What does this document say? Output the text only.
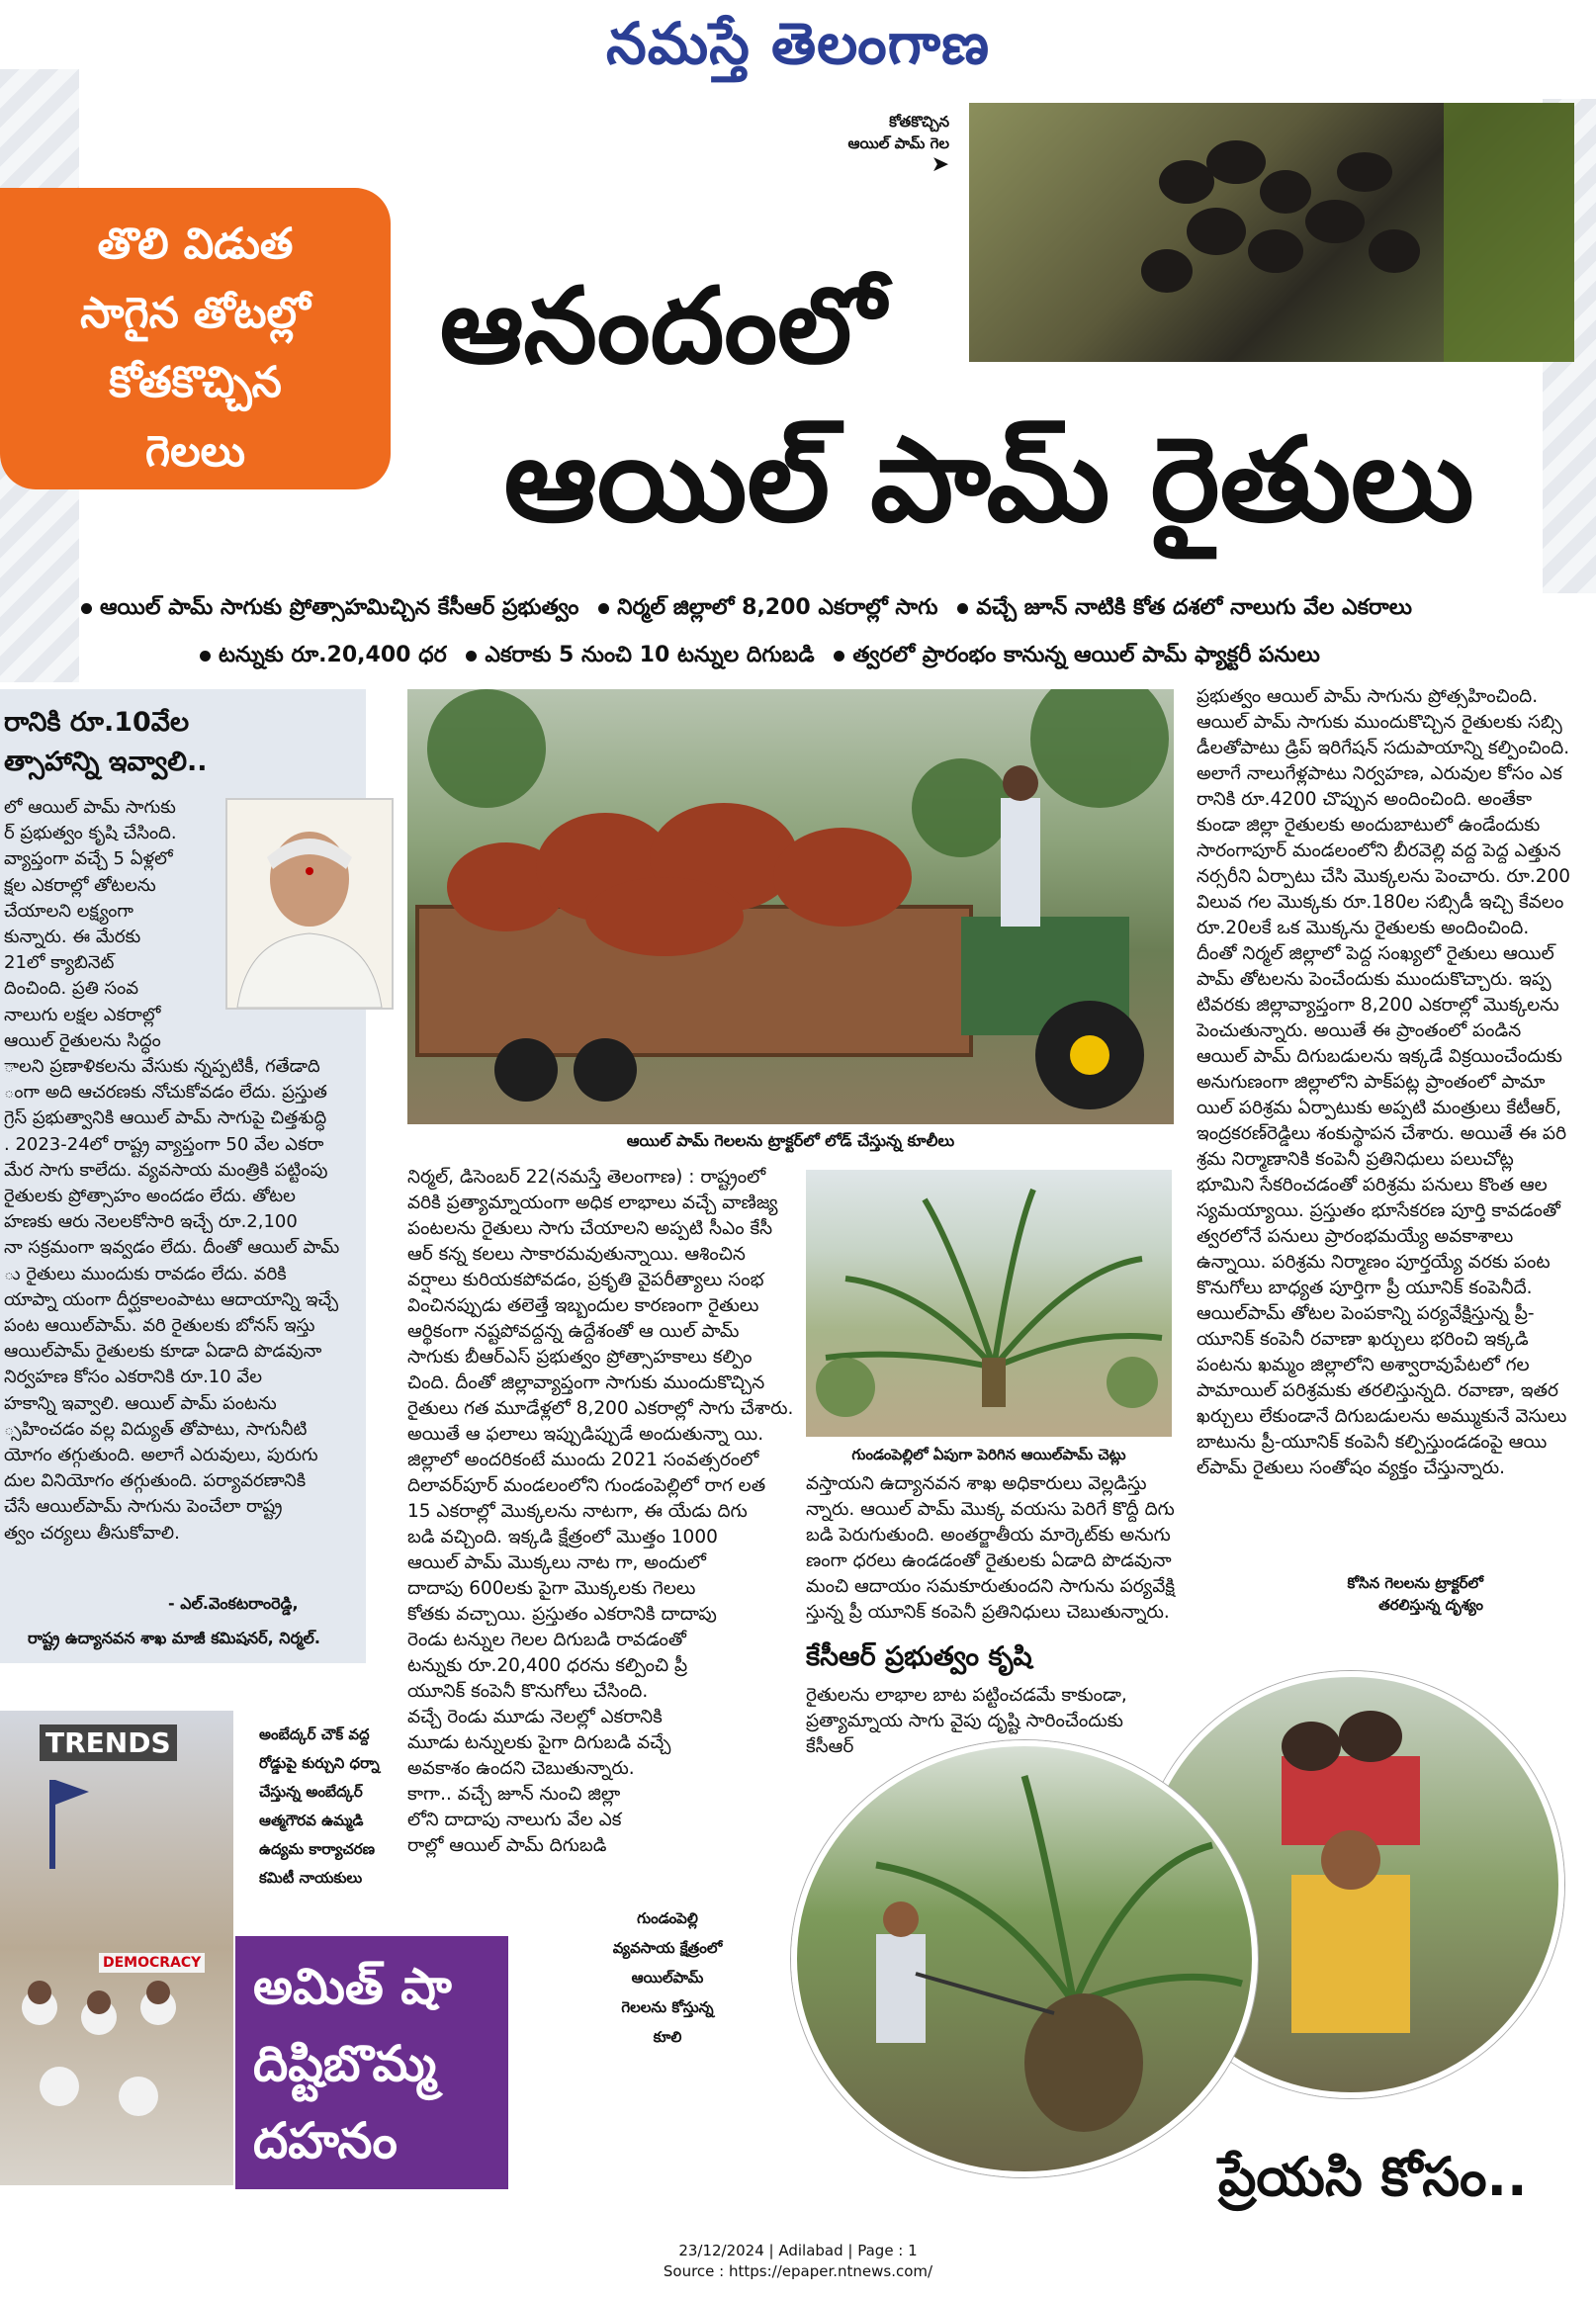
నమస్తే తెలంగాణ
కోతకొచ్చిన
ఆయిల్ పామ్ గెల
➤
తొలి విడుత
సాగైన తోటల్లో
కోతకొచ్చిన
గెలలు
ఆనందంలో
ఆయిల్ పామ్ రైతులు
ఆయిల్ పామ్ సాగుకు ప్రోత్సాహమిచ్చిన కేసీఆర్ ప్రభుత్వం నిర్మల్ జిల్లాలో 8,200 ఎకరాల్లో సాగు వచ్చే జూన్ నాటికి కోత దశలో నాలుగు వేల ఎకరాలు
టన్నుకు రూ.20,400 ధర ఎకరాకు 5 నుంచి 10 టన్నుల దిగుబడి త్వరలో ప్రారంభం కానున్న ఆయిల్ పామ్ ఫ్యాక్టరీ పనులు
రానికి రూ.10వేల
త్సాహాన్ని ఇవ్వాలి..
లో ఆయిల్ పామ్ సాగుకు
ర్ ప్రభుత్వం కృషి చేసింది.
వ్యాప్తంగా వచ్చే 5 ఏళ్లలో
క్షల ఎకరాల్లో తోటలను
చేయాలని లక్ష్యంగా
కున్నారు. ఈ మేరకు
21లో క్యాబినెట్
దించింది. ప్రతి సంవ
నాలుగు లక్షల ఎకరాల్లో
ఆయిల్ రైతులను సిద్ధం
ాలని ప్రణాళికలను వేసుకు న్నప్పటికీ, గతేడాది
ంగా అది ఆచరణకు నోచుకోవడం లేదు. ప్రస్తుత
గ్రెస్ ప్రభుత్వానికి ఆయిల్ పామ్ సాగుపై చిత్తశుద్ధి
. 2023-24లో రాష్ట్ర వ్యాప్తంగా 50 వేల ఎకరా
మేర సాగు కాలేదు. వ్యవసాయ మంత్రికి పట్టింపు
రైతులకు ప్రోత్సాహం అందడం లేదు. తోటల
హణకు ఆరు నెలలకోసారి ఇచ్చే రూ.2,100
నా సక్రమంగా ఇవ్వడం లేదు. దీంతో ఆయిల్ పామ్
ు రైతులు ముందుకు రావడం లేదు. వరికి
యాప్నా యంగా దీర్ఘకాలంపాటు ఆదాయాన్ని ఇచ్చే
పంట ఆయిల్‌పామ్. వరి రైతులకు బోనస్ ఇస్తు
ఆయిల్‌పామ్ రైతులకు కూడా ఏడాది పొడవునా
నిర్వహణ కోసం ఎకరానికి రూ.10 వేల
హకాన్ని ఇవ్వాలి. ఆయిల్ పామ్ పంటను
్సహించడం వల్ల విద్యుత్ తోపాటు, సాగునీటి
యోగం తగ్గుతుంది. అలాగే ఎరువులు, పురుగు
దుల వినియోగం తగ్గుతుంది. పర్యావరణానికి
చేసే ఆయిల్‌పామ్ సాగును పెంచేలా రాష్ట్ర
త్వం చర్యలు తీసుకోవాలి.
- ఎల్.వెంకటరాంరెడ్డి,
రాష్ట్ర ఉద్యానవన శాఖ మాజీ కమిషనర్, నిర్మల్.
ఆయిల్ పామ్ గెలలను ట్రాక్టర్‌లో లోడ్ చేస్తున్న కూలీలు
నిర్మల్, డిసెంబర్ 22(నమస్తే తెలంగాణ) : రాష్ట్రంలో
వరికి ప్రత్యామ్నాయంగా అధిక లాభాలు వచ్చే వాణిజ్య
పంటలను రైతులు సాగు చేయాలని అప్పటి సీఎం కేసీ
ఆర్ కన్న కలలు సాకారమవుతున్నాయి. ఆశించిన
వర్షాలు కురియకపోవడం, ప్రకృతి వైపరీత్యాలు సంభ
వించినప్పుడు తలెత్తే ఇబ్బందుల కారణంగా రైతులు
ఆర్థికంగా నష్టపోవద్దన్న ఉద్దేశంతో ఆ యిల్ పామ్
సాగుకు బీఆర్‌ఎస్ ప్రభుత్వం ప్రోత్సాహకాలు కల్పిం
చింది. దీంతో జిల్లావ్యాప్తంగా సాగుకు ముందుకొచ్చిన
రైతులు గత మూడేళ్లలో 8,200 ఎకరాల్లో సాగు చేశారు.
అయితే ఆ ఫలాలు ఇప్పుడిప్పుడే అందుతున్నా యి.
జిల్లాలో అందరికంటే ముందు 2021 సంవత్సరంలో
దిలావర్‌పూర్ మండలంలోని గుండంపెల్లిలో రాగ లత
15 ఎకరాల్లో మొక్కలను నాటగా, ఈ యేడు దిగు
బడి వచ్చింది. ఇక్కడి క్షేత్రంలో మొత్తం 1000
ఆయిల్ పామ్ మొక్కలు నాట గా, అందులో
దాదాపు 600లకు పైగా మొక్కలకు గెలలు
కోతకు వచ్చాయి. ప్రస్తుతం ఎకరానికి దాదాపు
రెండు టన్నుల గెలల దిగుబడి రావడంతో
టన్నుకు రూ.20,400 ధరను కల్పించి ప్రీ
యూనిక్ కంపెనీ కొనుగోలు చేసింది.
వచ్చే రెండు మూడు నెలల్లో ఎకరానికి
మూడు టన్నులకు పైగా దిగుబడి వచ్చే
అవకాశం ఉందని చెబుతున్నారు.
కాగా.. వచ్చే జూన్ నుంచి జిల్లా
లోని దాదాపు నాలుగు వేల ఎక
రాల్లో ఆయిల్ పామ్ దిగుబడి
గుండంపెల్లిలో ఏపుగా పెరిగిన ఆయిల్‌పామ్ చెట్లు
వస్తాయని ఉద్యానవన శాఖ అధికారులు వెల్లడిస్తు
న్నారు. ఆయిల్ పామ్ మొక్క వయసు పెరిగే కొద్దీ దిగు
బడి పెరుగుతుంది. అంతర్జాతీయ మార్కెట్‌కు అనుగు
ణంగా ధరలు ఉండడంతో రైతులకు ఏడాది పొడవునా
మంచి ఆదాయం సమకూరుతుందని సాగును పర్యవేక్షి
స్తున్న ప్రీ యూనిక్ కంపెనీ ప్రతినిధులు చెబుతున్నారు.
ప్రభుత్వం ఆయిల్ పామ్ సాగును ప్రోత్సహించింది.
ఆయిల్ పామ్ సాగుకు ముందుకొచ్చిన రైతులకు సబ్సి
డీలతోపాటు డ్రిప్ ఇరిగేషన్ సదుపాయాన్ని కల్పించింది.
అలాగే నాలుగేళ్లపాటు నిర్వహణ, ఎరువుల కోసం ఎక
రానికి రూ.4200 చొప్పున అందించింది. అంతేకా
కుండా జిల్లా రైతులకు అందుబాటులో ఉండేందుకు
సారంగాపూర్ మండలంలోని బీరవెల్లి వద్ద పెద్ద ఎత్తున
నర్సరీని ఏర్పాటు చేసి మొక్కలను పెంచారు. రూ.200
విలువ గల మొక్కకు రూ.180ల సబ్సిడీ ఇచ్చి కేవలం
రూ.20లకే ఒక మొక్కను రైతులకు అందించింది.
దీంతో నిర్మల్ జిల్లాలో పెద్ద సంఖ్యలో రైతులు ఆయిల్
పామ్ తోటలను పెంచేందుకు ముందుకొచ్చారు. ఇప్ప
టివరకు జిల్లావ్యాప్తంగా 8,200 ఎకరాల్లో మొక్కలను
పెంచుతున్నారు. అయితే ఈ ప్రాంతంలో పండిన
ఆయిల్ పామ్ దిగుబడులను ఇక్కడే విక్రయించేందుకు
అనుగుణంగా జిల్లాలోని పాక్‌పట్ల ప్రాంతంలో పామా
యిల్ పరిశ్రమ ఏర్పాటుకు అప్పటి మంత్రులు కేటీఆర్,
ఇంద్రకరణ్‌రెడ్డిలు శంకుస్థాపన చేశారు. అయితే ఈ పరి
శ్రమ నిర్మాణానికి కంపెనీ ప్రతినిధులు పలుచోట్ల
భూమిని సేకరించడంతో పరిశ్రమ పనులు కొంత ఆల
స్యమయ్యాయి. ప్రస్తుతం భూసేకరణ పూర్తి కావడంతో
త్వరలోనే పనులు ప్రారంభమయ్యే అవకాశాలు
ఉన్నాయి. పరిశ్రమ నిర్మాణం పూర్తయ్యే వరకు పంట
కొనుగోలు బాధ్యత పూర్తిగా ప్రీ యూనిక్ కంపెనీదే.
ఆయిల్‌పామ్ తోటల పెంపకాన్ని పర్యవేక్షిస్తున్న ప్రీ-
యూనిక్ కంపెనీ రవాణా ఖర్చులు భరించి ఇక్కడి
పంటను ఖమ్మం జిల్లాలోని అశ్వారావుపేటలో గల
పామాయిల్ పరిశ్రమకు తరలిస్తున్నది. రవాణా, ఇతర
ఖర్చులు లేకుండానే దిగుబడులను అమ్ముకునే వెసులు
బాటును ప్రీ-యూనిక్ కంపెనీ కల్పిస్తుండడంపై ఆయి
ల్‌పామ్ రైతులు సంతోషం వ్యక్తం చేస్తున్నారు.
కేసీఆర్ ప్రభుత్వం కృషి
రైతులను లాభాల బాట పట్టించడమే కాకుండా,
ప్రత్యామ్నాయ సాగు వైపు దృష్టి సారించేందుకు
కేసీఆర్
కోసిన గెలలను ట్రాక్టర్‌లో
తరలిస్తున్న దృశ్యం
గుండంపెల్లి
వ్యవసాయ క్షేత్రంలో
ఆయిల్‌పామ్
గెలలను కోస్తున్న
కూలి
TRENDS
DEMOCRACY
అంబేద్కర్ చౌక్ వద్ద
రోడ్డుపై కుర్చుని ధర్నా
చేస్తున్న అంబేద్కర్
ఆత్మగౌరవ ఉమ్మడి
ఉద్యమ కార్యాచరణ
కమిటీ నాయకులు
అమిత్ షా
దిష్టిబొమ్మ
దహనం
ప్రేయసి కోసం..
23/12/2024 | Adilabad | Page : 1
Source : https://epaper.ntnews.com/
